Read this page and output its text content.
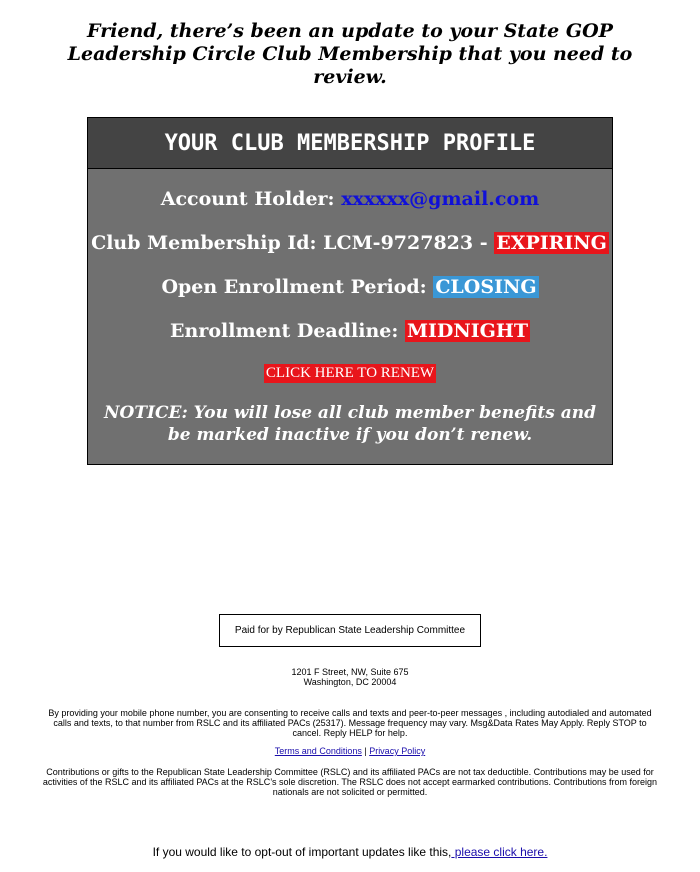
Friend, there’s been an update to your State GOP Leadership Circle Club Membership that you need to review.
YOUR CLUB MEMBERSHIP PROFILE
Account Holder: xxxxxx@gmail.com
Club Membership Id: LCM-9727823 - EXPIRING
Open Enrollment Period: CLOSING
Enrollment Deadline: MIDNIGHT
CLICK HERE TO RENEW
NOTICE: You will lose all club member benefits and be marked inactive if you don’t renew.
Paid for by Republican State Leadership Committee
1201 F Street, NW, Suite 675
Washington, DC 20004
By providing your mobile phone number, you are consenting to receive calls and texts and peer-to-peer messages , including autodialed and automated calls and texts, to that number from RSLC and its affiliated PACs (25317). Message frequency may vary. Msg&Data Rates May Apply. Reply STOP to cancel. Reply HELP for help.
Terms and Conditions | Privacy Policy
Contributions or gifts to the Republican State Leadership Committee (RSLC) and its affiliated PACs are not tax deductible. Contributions may be used for activities of the RSLC and its affiliated PACs at the RSLC’s sole discretion. The RSLC does not accept earmarked contributions. Contributions from foreign nationals are not solicited or permitted.
If you would like to opt-out of important updates like this, please click here.
